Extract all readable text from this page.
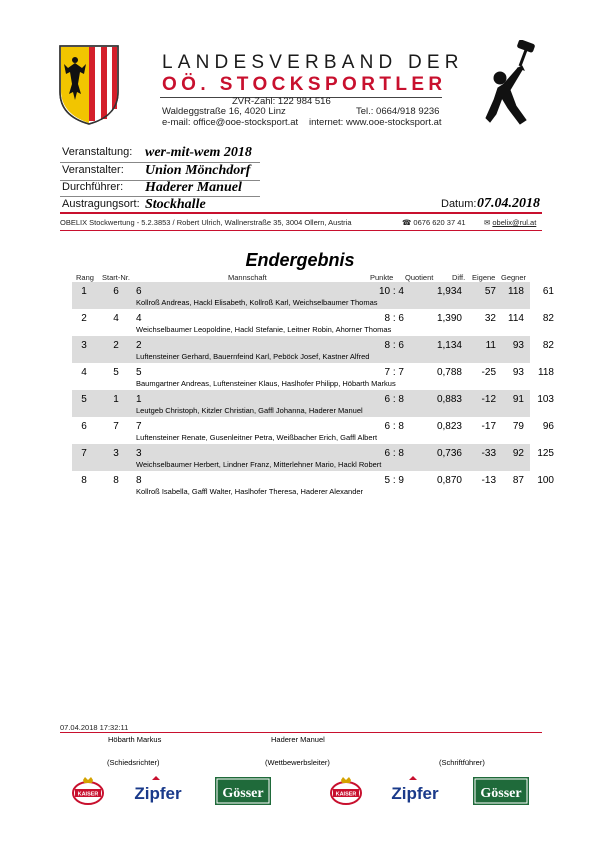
LANDESVERBAND DER
OÖ. STOCKSPORTLER
ZVR-Zahl: 122 984 516
Waldeggstraße 16, 4020 Linz	Tel.: 0664/918 9236
e-mail: office@ooe-stocksport.at internet: www.ooe-stocksport.at
Veranstaltung: wer-mit-wem 2018
Veranstalter: Union Mönchdorf
Durchführer: Haderer Manuel
Austragungsort: Stockhalle	Datum: 07.04.2018
OBELIX Stockwertung - 5.2.3853 / Robert Ulrich, Wallnerstraße 35, 3004 Ollern, Austria	☎ 0676 620 37 41 ✉ obelix@rul.at
Endergebnis
Rang Start-Nr.	Mannschaft	Punkte Quotient Diff. Eigene Gegner
1	6	6	10 : 4	1,934	57	118	61
Kollroß Andreas, Hackl Elisabeth, Kollroß Karl, Weichselbaumer Thomas
2	4	4	8 : 6	1,390	32	114	82
Weichselbaumer Leopoldine, Hackl Stefanie, Leitner Robin, Ahorner Thomas
3	2	2	8 : 6	1,134	11	93	82
Luftensteiner Gerhard, Bauernfeind Karl, Peböck Josef, Kastner Alfred
4	5	5	7 : 7	0,788	-25	93	118
Baumgartner Andreas, Luftensteiner Klaus, Haslhofer Philipp, Höbarth Markus
5	1	1	6 : 8	0,883	-12	91	103
Leutgeb Christoph, Kitzler Christian, Gaffl Johanna, Haderer Manuel
6	7	7	6 : 8	0,823	-17	79	96
Luftensteiner Renate, Gusenleitner Petra, Weißbacher Erich, Gaffl Albert
7	3	3	6 : 8	0,736	-33	92	125
Weichselbaumer Herbert, Lindner Franz, Mitterlehner Mario, Hackl Robert
8	8	8	5 : 9	0,870	-13	87	100
Kollroß Isabella, Gaffl Walter, Haslhofer Theresa, Haderer Alexander
07.04.2018 17:32:11
Höbarth Markus	Haderer Manuel
(Schiedsrichter)	(Wettbewerbsleiter)	(Schriftführer)
KAISER Zipfer	Gösser	KAISER Zipfer	Gösser
